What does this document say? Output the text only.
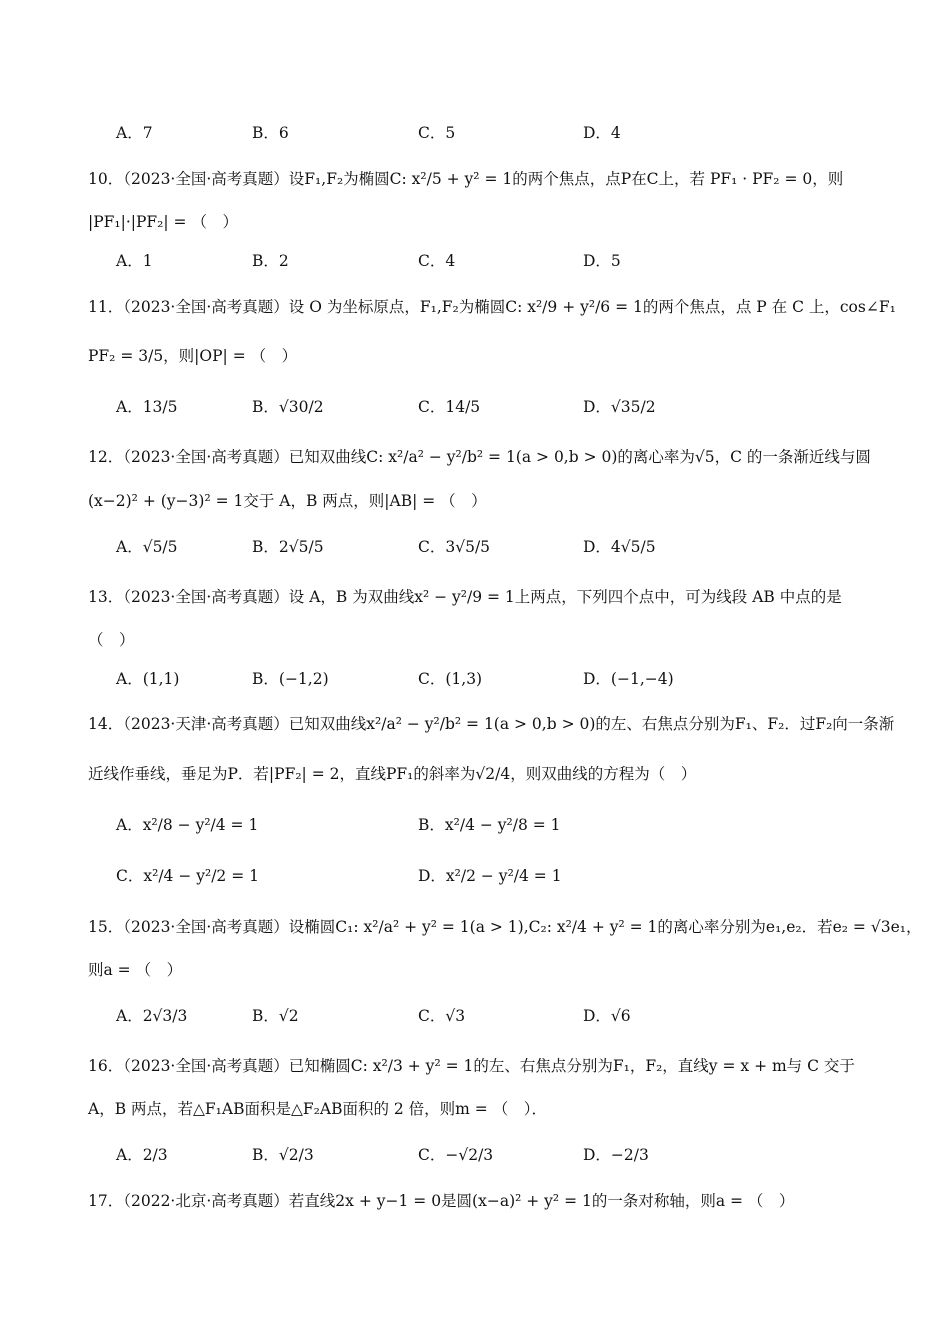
A．7	B．6	C．5	D．4
10．（2023·全国·高考真题）设F₁,F₂为椭圆C: x²/5 + y² = 1的两个焦点，点P在C上，若 PF₁ · PF₂ = 0，则
|PF₁|·|PF₂| = （　）
A．1	B．2	C．4	D．5
11．（2023·全国·高考真题）设 O 为坐标原点，F₁,F₂为椭圆C: x²/9 + y²/6 = 1的两个焦点，点 P 在 C 上，cos∠F₁
PF₂ = 3/5，则|OP| = （　）
A．13/5	B．√30/2	C．14/5	D．√35/2
12．（2023·全国·高考真题）已知双曲线C: x²/a² − y²/b² = 1(a > 0,b > 0)的离心率为√5，C 的一条渐近线与圆
(x−2)² + (y−3)² = 1交于 A，B 两点，则|AB| = （　）
A．√5/5	B．2√5/5	C．3√5/5	D．4√5/5
13．（2023·全国·高考真题）设 A，B 为双曲线x² − y²/9 = 1上两点，下列四个点中，可为线段 AB 中点的是
（　）
A．(1,1)	B．(−1,2)	C．(1,3)	D．(−1,−4)
14．（2023·天津·高考真题）已知双曲线x²/a² − y²/b² = 1(a > 0,b > 0)的左、右焦点分别为F₁、F₂．过F₂向一条渐
近线作垂线，垂足为P．若|PF₂| = 2，直线PF₁的斜率为√2/4，则双曲线的方程为（　）
A．x²/8 − y²/4 = 1	B．x²/4 − y²/8 = 1
C．x²/4 − y²/2 = 1	D．x²/2 − y²/4 = 1
15．（2023·全国·高考真题）设椭圆C₁: x²/a² + y² = 1(a > 1),C₂: x²/4 + y² = 1的离心率分别为e₁,e₂．若e₂ = √3e₁，
则a = （　）
A．2√3/3	B．√2	C．√3	D．√6
16．（2023·全国·高考真题）已知椭圆C: x²/3 + y² = 1的左、右焦点分别为F₁，F₂，直线y = x + m与 C 交于
A，B 两点，若△F₁AB面积是△F₂AB面积的 2 倍，则m = （　）．
A．2/3	B．√2/3	C．−√2/3	D．−2/3
17．（2022·北京·高考真题）若直线2x + y−1 = 0是圆(x−a)² + y² = 1的一条对称轴，则a = （　）
